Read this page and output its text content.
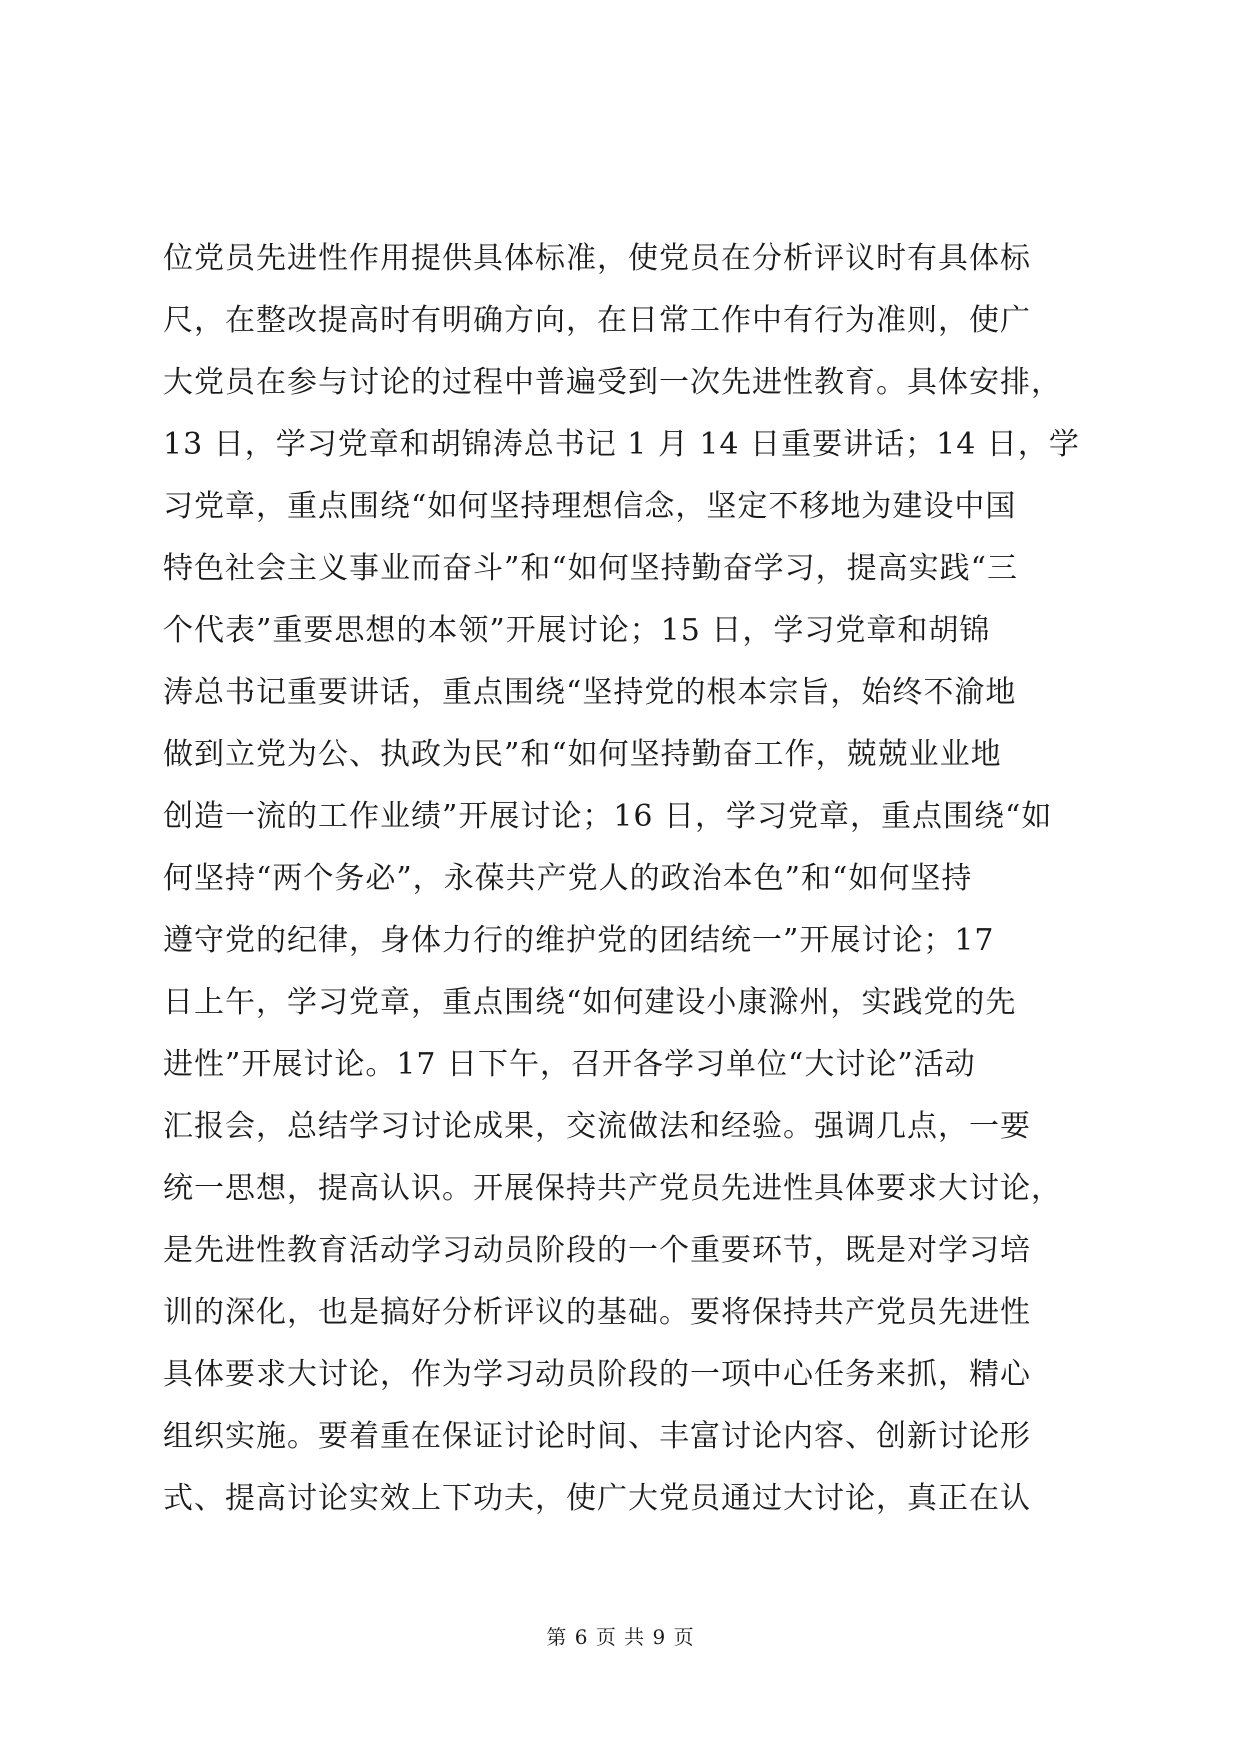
位党员先进性作用提供具体标准，使党员在分析评议时有具体标
尺，在整改提高时有明确方向，在日常工作中有行为准则，使广
大党员在参与讨论的过程中普遍受到一次先进性教育。具体安排，
13 日，学习党章和胡锦涛总书记 1 月 14 日重要讲话；14 日，学
习党章，重点围绕“如何坚持理想信念，坚定不移地为建设中国
特色社会主义事业而奋斗”和“如何坚持勤奋学习，提高实践“三
个代表”重要思想的本领”开展讨论；15 日，学习党章和胡锦
涛总书记重要讲话，重点围绕“坚持党的根本宗旨，始终不渝地
做到立党为公、执政为民”和“如何坚持勤奋工作，兢兢业业地
创造一流的工作业绩”开展讨论；16 日，学习党章，重点围绕“如
何坚持“两个务必”，永葆共产党人的政治本色”和“如何坚持
遵守党的纪律，身体力行的维护党的团结统一”开展讨论；17
日上午，学习党章，重点围绕“如何建设小康滁州，实践党的先
进性”开展讨论。17 日下午，召开各学习单位“大讨论”活动
汇报会，总结学习讨论成果，交流做法和经验。强调几点，一要
统一思想，提高认识。开展保持共产党员先进性具体要求大讨论，
是先进性教育活动学习动员阶段的一个重要环节，既是对学习培
训的深化，也是搞好分析评议的基础。要将保持共产党员先进性
具体要求大讨论，作为学习动员阶段的一项中心任务来抓，精心
组织实施。要着重在保证讨论时间、丰富讨论内容、创新讨论形
式、提高讨论实效上下功夫，使广大党员通过大讨论，真正在认
第 6 页 共 9 页
